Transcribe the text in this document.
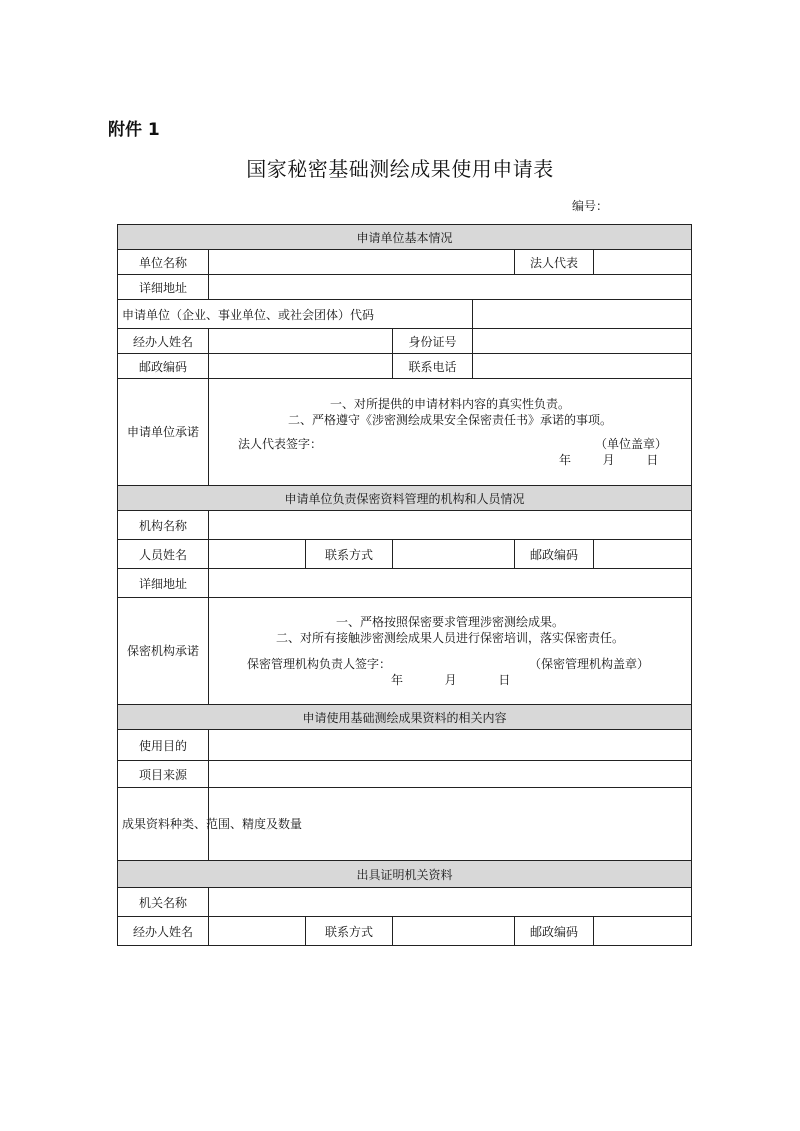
附件 1
国家秘密基础测绘成果使用申请表
编号：
申请单位基本情况						
单位名称					法人代表	
详细地址						
申请单位（企业、事业单位、或社会团体）代码						
经办人姓名			身份证号			
邮政编码			联系电话			
申请单位承诺	一、对所提供的申请材料内容的真实性负责。
二、严格遵守《涉密测绘成果安全保密责任书》承诺的事项。
法人代表签字： （单位盖章）
年 月 日					

申请单位负责保密资料管理的机构和人员情况						
机构名称						
人员姓名		联系方式			邮政编码	
详细地址						
保密机构承诺	一、严格按照保密要求管理涉密测绘成果。
二、对所有接触涉密测绘成果人员进行保密培训，落实保密责任。
保密管理机构负责人签字： （保密管理机构盖章）
年 月 日					

申请使用基础测绘成果资料的相关内容						
使用目的						
项目来源						
成果资料种类、范围、精度及数量						
出具证明机关资料						
机关名称						
经办人姓名		联系方式			邮政编码	
